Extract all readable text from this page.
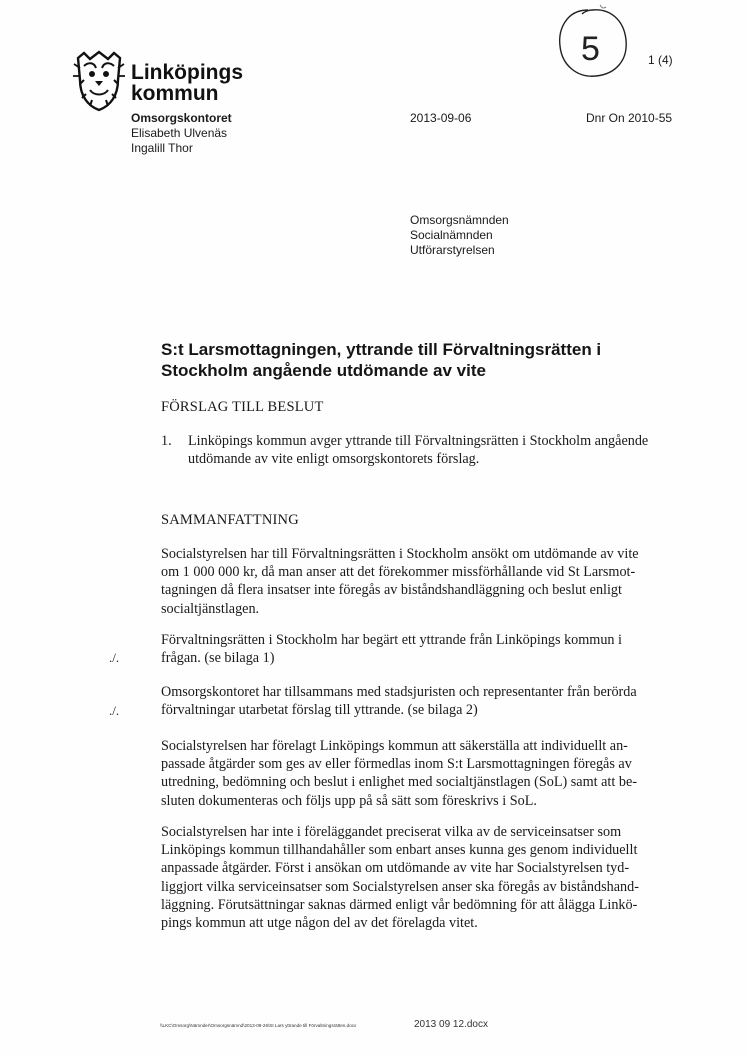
5
Linköpings
kommun
Omsorgskontoret
Elisabeth Ulvenäs
Ingalill Thor
2013-09-06	Dnr On 2010-55
1 (4)
Omsorgsnämnden
Socialnämnden
Utförarstyrelsen
S:t Larsmottagningen, yttrande till Förvaltningsrätten i
Stockholm angående utdömande av vite
FÖRSLAG TILL BESLUT
1. Linköpings kommun avger yttrande till Förvaltningsrätten i Stockholm angående
utdömande av vite enligt omsorgskontorets förslag.
SAMMANFATTNING
Socialstyrelsen har till Förvaltningsrätten i Stockholm ansökt om utdömande av vite
om 1 000 000 kr, då man anser att det förekommer missförhållande vid St Larsmot-
tagningen då flera insatser inte föregås av biståndshandläggning och beslut enligt
socialtjänstlagen.
Förvaltningsrätten i Stockholm har begärt ett yttrande från Linköpings kommun i
frågan. (se bilaga 1)
./.
Omsorgskontoret har tillsammans med stadsjuristen och representanter från berörda
förvaltningar utarbetat förslag till yttrande. (se bilaga 2)
./.
Socialstyrelsen har förelagt Linköpings kommun att säkerställa att individuellt an-
passade åtgärder som ges av eller förmedlas inom S:t Larsmottagningen föregås av
utredning, bedömning och beslut i enlighet med socialtjänstlagen (SoL) samt att be-
sluten dokumenteras och följs upp på så sätt som föreskrivs i SoL.
Socialstyrelsen har inte i föreläggandet preciserat vilka av de serviceinsatser som
Linköpings kommun tillhandahåller som enbart anses kunna ges genom individuellt
anpassade åtgärder. Först i ansökan om utdömande av vite har Socialstyrelsen tyd-
liggjort vilka serviceinsatser som Socialstyrelsen anser ska föregås av biståndshand-
läggning. Förutsättningar saknas därmed enligt vår bedömning för att ålägga Linkö-
pings kommun att utge någon del av det förelagda vitet.
\\LKC\Omsorg\Nämnder\Omsorgsnämnd\2013-09-26\St Lars yttrande till Förvaltningsrätten.docx	2013 09 12.docx
